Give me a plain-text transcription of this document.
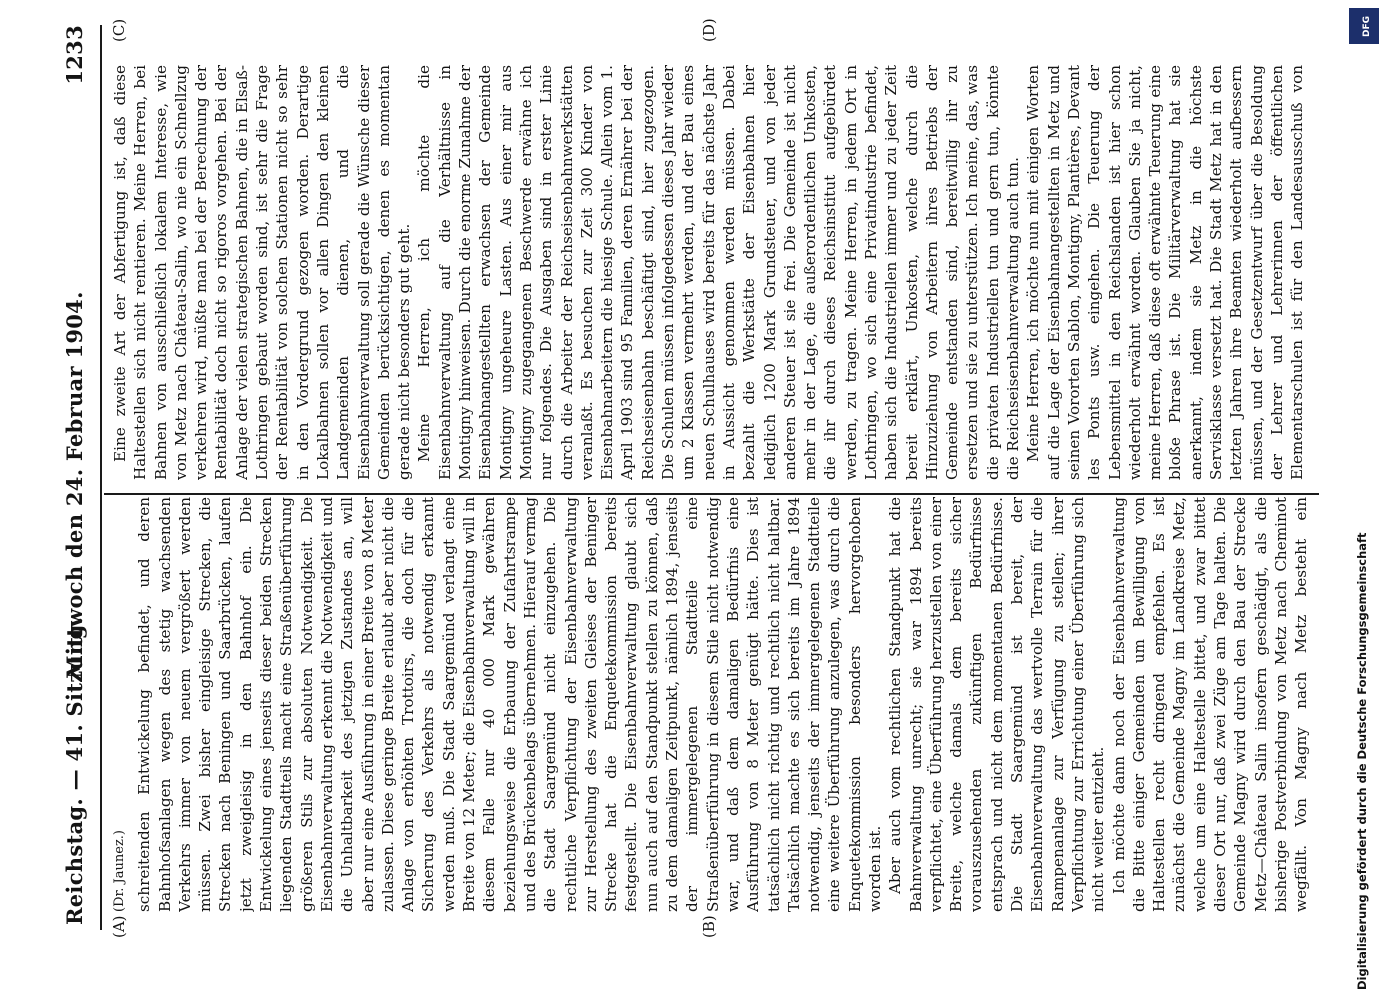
Reichstag. — 41. Sitzung.
Mittwoch den 24. Februar 1904.
1233
(A)	(B)
(C)	(D)
(Dr. Jaunez.) schreitenden Entwickelung befindet, und deren Bahnhofsanlagen wegen des stetig wachsenden Verkehrs immer von neuem vergrößert werden müssen. Zwei bisher eingleisige Strecken, die Strecken nach Beningen und Saarbrücken, laufen jetzt zweigleisig in den Bahnhof ein. Die Entwickelung eines jenseits dieser beiden Strecken liegenden Stadtteils macht eine Straßenüberführung größeren Stils zur absoluten Notwendigkeit. Die Eisenbahnverwaltung erkennt die Notwendigkeit und die Unhaltbarkeit des jetzigen Zustandes an, will aber nur eine Ausführung in einer Breite von 8 Meter zulassen. Diese geringe Breite erlaubt aber nicht die Anlage von erhöhten Trottoirs, die doch für die Sicherung des Verkehrs als notwendig erkannt werden muß. Die Stadt Saargemünd verlangt eine Breite von 12 Meter; die Eisenbahnverwaltung will in diesem Falle nur 40 000 Mark gewähren beziehungsweise die Erbauung der Zufahrtsrampe und des Brückenbelags übernehmen. Hierauf vermag die Stadt Saargemünd nicht einzugehen. Die rechtliche Verpflichtung der Eisenbahnverwaltung zur Herstellung des zweiten Gleises der Beninger Strecke hat die Enquetekommission bereits festgestellt. Die Eisenbahnverwaltung glaubt sich nun auch auf den Standpunkt stellen zu können, daß zu dem damaligen Zeitpunkt, nämlich 1894, jenseits der immergelegenen Stadtteile eine Straßenüberführung in diesem Stile nicht notwendig war, und daß dem damaligen Bedürfnis eine Ausführung von 8 Meter genügt hätte. Dies ist tatsächlich nicht richtig und rechtlich nicht haltbar. Tatsächlich machte es sich bereits im Jahre 1894 notwendig, jenseits der immergelegenen Stadtteile eine weitere Überführung anzulegen, was durch die Enquetekommission besonders hervorgehoben worden ist. Aber auch vom rechtlichen Standpunkt hat die Bahnverwaltung unrecht; sie war 1894 bereits verpflichtet, eine Überführung herzustellen von einer Breite, welche damals dem bereits sicher vorauszusehenden zukünftigen Bedürfnisse entsprach und nicht dem momentanen Bedürfnisse. Die Stadt Saargemünd ist bereit, der Eisenbahnverwaltung das wertvolle Terrain für die Rampenanlage zur Verfügung zu stellen; ihrer Verpflichtung zur Errichtung einer Überführung sich nicht weiter entzieht. Ich möchte dann noch der Eisenbahnverwaltung die Bitte einiger Gemeinden um Bewilligung von Haltestellen recht dringend empfehlen. Es ist zunächst die Gemeinde Magny im Landkreise Metz, welche um eine Haltestelle bittet, und zwar bittet dieser Ort nur, daß zwei Züge am Tage halten. Die Gemeinde Magny wird durch den Bau der Strecke Metz—Château Salin insofern geschädigt, als die bisherige Postverbindung von Metz nach Cheminot wegfällt. Von Magny nach Metz besteht ein

Eine zweite Art der Abfertigung ist, daß diese Haltestellen sich nicht rentieren. Meine Herren, bei Bahnen von ausschließlich lokalem Interesse, wie von Metz nach Château-Salin, wo nie ein Schnellzug verkehren wird, müßte man bei der Berechnung der Rentabilität doch nicht so rigoros vorgehen. Bei der Anlage der vielen strategischen Bahnen, die in Elsaß-Lothringen gebaut worden sind, ist sehr die Frage der Rentabilität von solchen Stationen nicht so sehr in den Vordergrund gezogen worden. Derartige Lokalbahnen sollen vor allen Dingen den kleinen Landgemeinden dienen, und die Eisenbahnverwaltung soll gerade die Wünsche dieser Gemeinden berücksichtigen, denen es momentan gerade nicht besonders gut geht. Meine Herren, ich möchte die Eisenbahnverwaltung auf die Verhältnisse in Montigny hinweisen. Durch die enorme Zunahme der Eisenbahnangestellten erwachsen der Gemeinde Montigny ungeheure Lasten. Aus einer mir aus Montigny zugegangenen Beschwerde erwähne ich nur folgendes. Die Ausgaben sind in erster Linie durch die Arbeiter der Reichseisenbahnwerkstätten veranlaßt. Es besuchen zur Zeit 300 Kinder von Eisenbahnarbeitern die hiesige Schule. Allein vom 1. April 1903 sind 95 Familien, deren Ernährer bei der Reichseisenbahn beschäftigt sind, hier zugezogen. Die Schulen müssen infolgedessen dieses Jahr wieder um 2 Klassen vermehrt werden, und der Bau eines neuen Schulhauses wird bereits für das nächste Jahr in Aussicht genommen werden müssen. Dabei bezahlt die Werkstätte der Eisenbahnen hier lediglich 1200 Mark Grundsteuer, und von jeder anderen Steuer ist sie frei. Die Gemeinde ist nicht mehr in der Lage, die außerordentlichen Unkosten, die ihr durch dieses Reichsinstitut aufgebürdet werden, zu tragen. Meine Herren, in jedem Ort in Lothringen, wo sich eine Privatindustrie befindet, haben sich die Industriellen immer und zu jeder Zeit bereit erklärt, Unkosten, welche durch die Hinzuziehung von Arbeitern ihres Betriebs der Gemeinde entstanden sind, bereitwillig ihr zu ersetzen und sie zu unterstützen. Ich meine, das, was die privaten Industriellen tun und gern tun, könnte die Reichseisenbahnverwaltung auch tun. Meine Herren, ich möchte nun mit einigen Worten auf die Lage der Eisenbahnangestellten in Metz und seinen Vororten Sablon, Montigny, Plantières, Devant les Ponts usw. eingehen. Die Teuerung der Lebensmittel in den Reichslanden ist hier schon wiederholt erwähnt worden. Glauben Sie ja nicht, meine Herren, daß diese oft erwähnte Teuerung eine bloße Phrase ist. Die Militärverwaltung hat sie anerkannt, indem sie Metz in die höchste Servisklasse versetzt hat. Die Stadt Metz hat in den letzten Jahren ihre Beamten wiederholt aufbessern müssen, und der Gesetzentwurf über die Besoldung der Lehrer und Lehrerinnen der öffentlichen Elementarschulen ist für den Landesausschuß von

DFG
Digitalisierung gefördert durch die Deutsche Forschungsgemeinschaft
